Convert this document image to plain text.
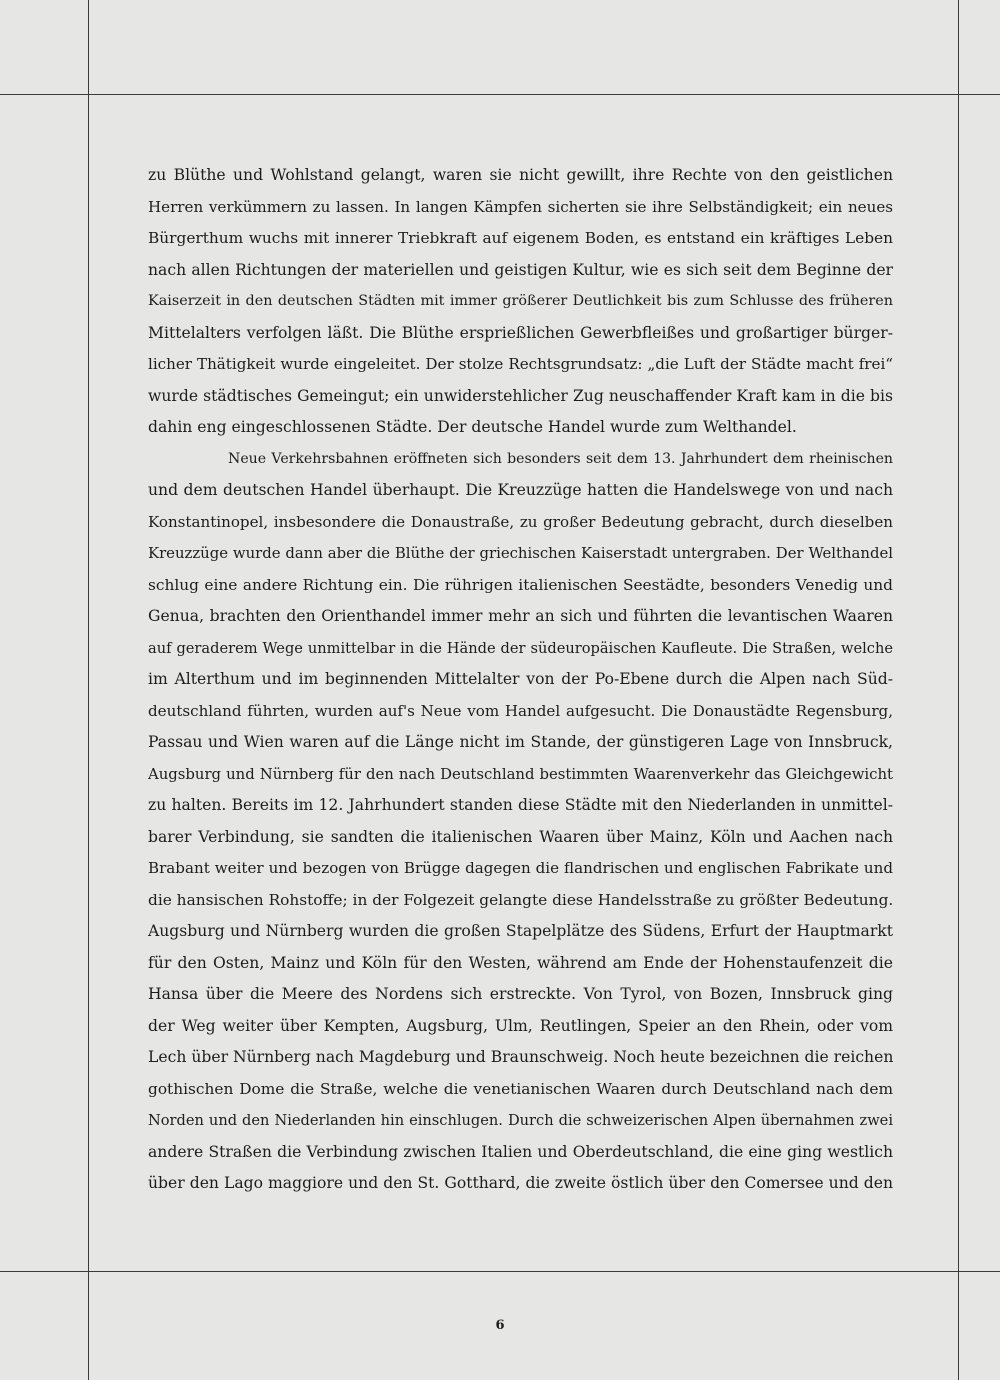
zu Blüthe und Wohlstand gelangt, waren sie nicht gewillt, ihre Rechte von den geistlichen
Herren verkümmern zu lassen. In langen Kämpfen sicherten sie ihre Selbständigkeit; ein neues
Bürgerthum wuchs mit innerer Triebkraft auf eigenem Boden, es entstand ein kräftiges Leben
nach allen Richtungen der materiellen und geistigen Kultur, wie es sich seit dem Beginne der
Kaiserzeit in den deutschen Städten mit immer größerer Deutlichkeit bis zum Schlusse des früheren
Mittelalters verfolgen läßt. Die Blüthe ersprießlichen Gewerbfleißes und großartiger bürger-
licher Thätigkeit wurde eingeleitet. Der stolze Rechtsgrundsatz: „die Luft der Städte macht frei“
wurde städtisches Gemeingut; ein unwiderstehlicher Zug neuschaffender Kraft kam in die bis
dahin eng eingeschlossenen Städte. Der deutsche Handel wurde zum Welthandel.
Neue Verkehrsbahnen eröffneten sich besonders seit dem 13. Jahrhundert dem rheinischen
und dem deutschen Handel überhaupt. Die Kreuzzüge hatten die Handelswege von und nach
Konstantinopel, insbesondere die Donaustraße, zu großer Bedeutung gebracht, durch dieselben
Kreuzzüge wurde dann aber die Blüthe der griechischen Kaiserstadt untergraben. Der Welthandel
schlug eine andere Richtung ein. Die rührigen italienischen Seestädte, besonders Venedig und
Genua, brachten den Orienthandel immer mehr an sich und führten die levantischen Waaren
auf geraderem Wege unmittelbar in die Hände der südeuropäischen Kaufleute. Die Straßen, welche
im Alterthum und im beginnenden Mittelalter von der Po-Ebene durch die Alpen nach Süd-
deutschland führten, wurden auf's Neue vom Handel aufgesucht. Die Donaustädte Regensburg,
Passau und Wien waren auf die Länge nicht im Stande, der günstigeren Lage von Innsbruck,
Augsburg und Nürnberg für den nach Deutschland bestimmten Waarenverkehr das Gleichgewicht
zu halten. Bereits im 12. Jahrhundert standen diese Städte mit den Niederlanden in unmittel-
barer Verbindung, sie sandten die italienischen Waaren über Mainz, Köln und Aachen nach
Brabant weiter und bezogen von Brügge dagegen die flandrischen und englischen Fabrikate und
die hansischen Rohstoffe; in der Folgezeit gelangte diese Handelsstraße zu größter Bedeutung.
Augsburg und Nürnberg wurden die großen Stapelplätze des Südens, Erfurt der Hauptmarkt
für den Osten, Mainz und Köln für den Westen, während am Ende der Hohenstaufenzeit die
Hansa über die Meere des Nordens sich erstreckte. Von Tyrol, von Bozen, Innsbruck ging
der Weg weiter über Kempten, Augsburg, Ulm, Reutlingen, Speier an den Rhein, oder vom
Lech über Nürnberg nach Magdeburg und Braunschweig. Noch heute bezeichnen die reichen
gothischen Dome die Straße, welche die venetianischen Waaren durch Deutschland nach dem
Norden und den Niederlanden hin einschlugen. Durch die schweizerischen Alpen übernahmen zwei
andere Straßen die Verbindung zwischen Italien und Oberdeutschland, die eine ging westlich
über den Lago maggiore und den St. Gotthard, die zweite östlich über den Comersee und den
6
